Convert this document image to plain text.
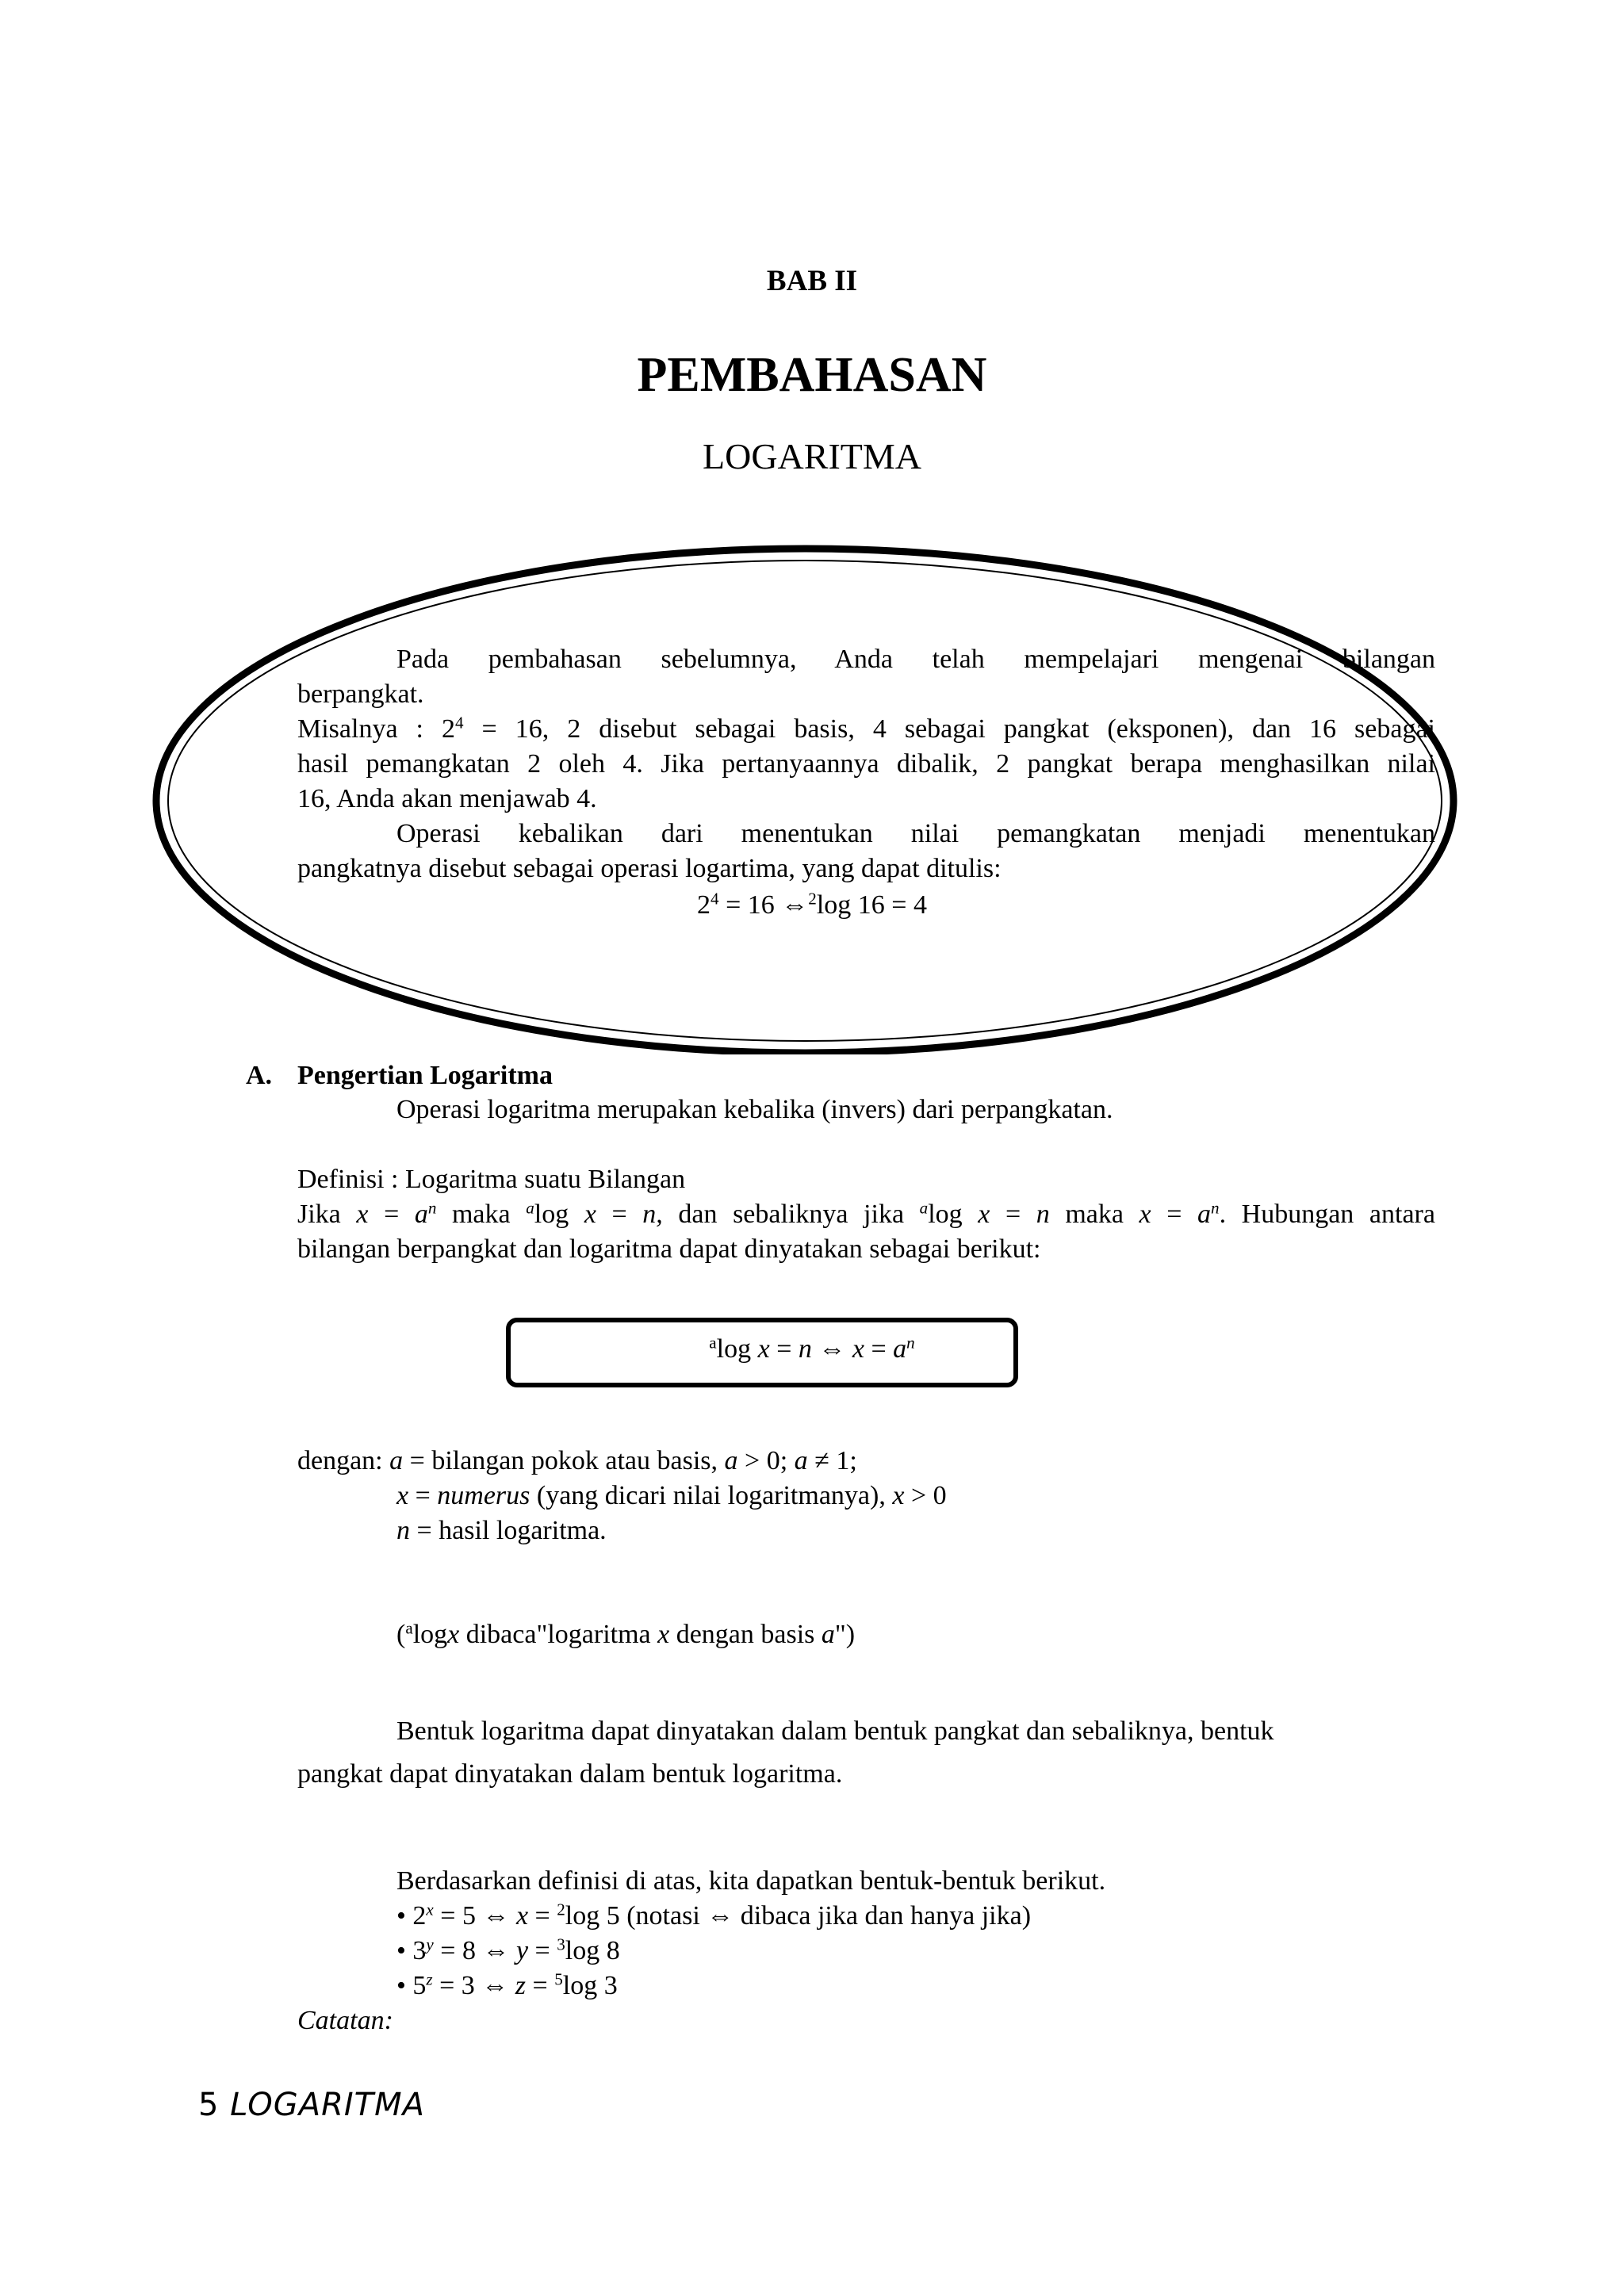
BAB II
PEMBAHASAN
LOGARITMA
Pada pembahasan sebelumnya, Anda telah mempelajari mengenai bilangan
berpangkat.
Misalnya : $2^4 = 16$, 2 disebut sebagai basis, 4 sebagai pangkat (eksponen), dan 16 sebagai
hasil pemangkatan 2 oleh 4. Jika pertanyaannya dibalik, 2 pangkat berapa menghasilkan nilai
16, Anda akan menjawab 4.
Operasi kebalikan dari menentukan nilai pemangkatan menjadi menentukan
pangkatnya disebut sebagai operasi logartima, yang dapat ditulis:
$2^4 = 16$ ⇔$^2$log 16 = 4
A. Pengertian Logaritma
Operasi logaritma merupakan kebalika (invers) dari perpangkatan.
Definisi : Logaritma suatu Bilangan
Jika $x = a^n$ maka $^a$log x = n, dan sebaliknya jika $^a$log x = n maka $x = a^n$. Hubungan antara
bilangan berpangkat dan logaritma dapat dinyatakan sebagai berikut:
$^a$log x = n ⇔ $x = a^n$
dengan: a = bilangan pokok atau basis, a > 0; a ≠ 1;
x = numerus (yang dicari nilai logaritmanya), x > 0
n = hasil logaritma.
($^a$logx dibaca"logaritma x dengan basis a")
Bentuk logaritma dapat dinyatakan dalam bentuk pangkat dan sebaliknya, bentuk
pangkat dapat dinyatakan dalam bentuk logaritma.
Berdasarkan definisi di atas, kita dapatkan bentuk-bentuk berikut.
• $2^x = 5$ ⇔ x = $^2$log 5 (notasi ⇔ dibaca jika dan hanya jika)
• $3^y = 8$ ⇔ y = $^3$log 8
• $5^z = 3$ ⇔ z = $^5$log 3
Catatan:
5 LOGARITMA
